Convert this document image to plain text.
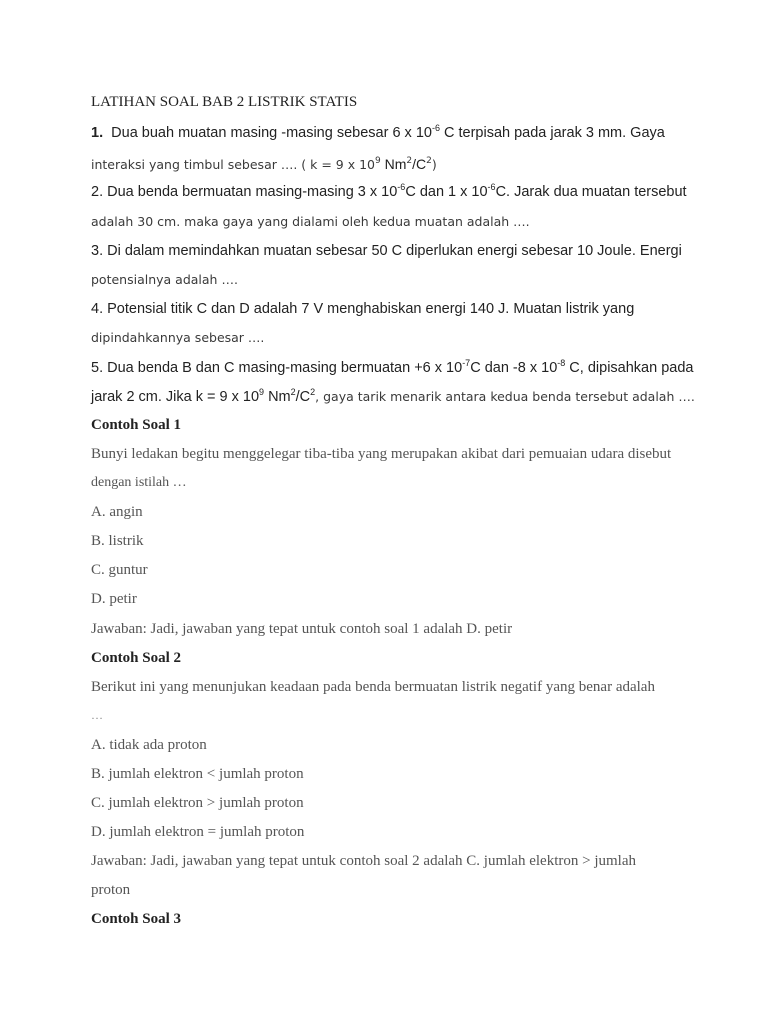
LATIHAN SOAL BAB 2 LISTRIK STATIS
1. Dua buah muatan masing -masing sebesar 6 x $10^{-6}$ C terpisah pada jarak 3 mm. Gaya
interaksi yang timbul sebesar …. ( k = 9 x $10^9$ $Nm^2/C^2$)
2. Dua benda bermuatan masing-masing 3 x $10^{-6}C$ dan 1 x $10^{-6}C$. Jarak dua muatan tersebut
adalah 30 cm. maka gaya yang dialami oleh kedua muatan adalah ….
3. Di dalam memindahkan muatan sebesar 50 C diperlukan energi sebesar 10 Joule. Energi
potensialnya adalah ….
4. Potensial titik C dan D adalah 7 V menghabiskan energi 140 J. Muatan listrik yang
dipindahkannya sebesar ….
5. Dua benda B dan C masing-masing bermuatan +6 x $10^{-7}C$ dan -8 x $10^{-8}$ C, dipisahkan pada
jarak 2 cm. Jika k = 9 x $10^9$ $Nm^2/C^2$, gaya tarik menarik antara kedua benda tersebut adalah ….
Contoh Soal 1
Bunyi ledakan begitu menggelegar tiba-tiba yang merupakan akibat dari pemuaian udara disebut
dengan istilah …
A. angin
B. listrik
C. guntur
D. petir
Jawaban: Jadi, jawaban yang tepat untuk contoh soal 1 adalah D. petir
Contoh Soal 2
Berikut ini yang menunjukan keadaan pada benda bermuatan listrik negatif yang benar adalah
…
A. tidak ada proton
B. jumlah elektron < jumlah proton
C. jumlah elektron > jumlah proton
D. jumlah elektron = jumlah proton
Jawaban: Jadi, jawaban yang tepat untuk contoh soal 2 adalah C. jumlah elektron > jumlah
proton
Contoh Soal 3
